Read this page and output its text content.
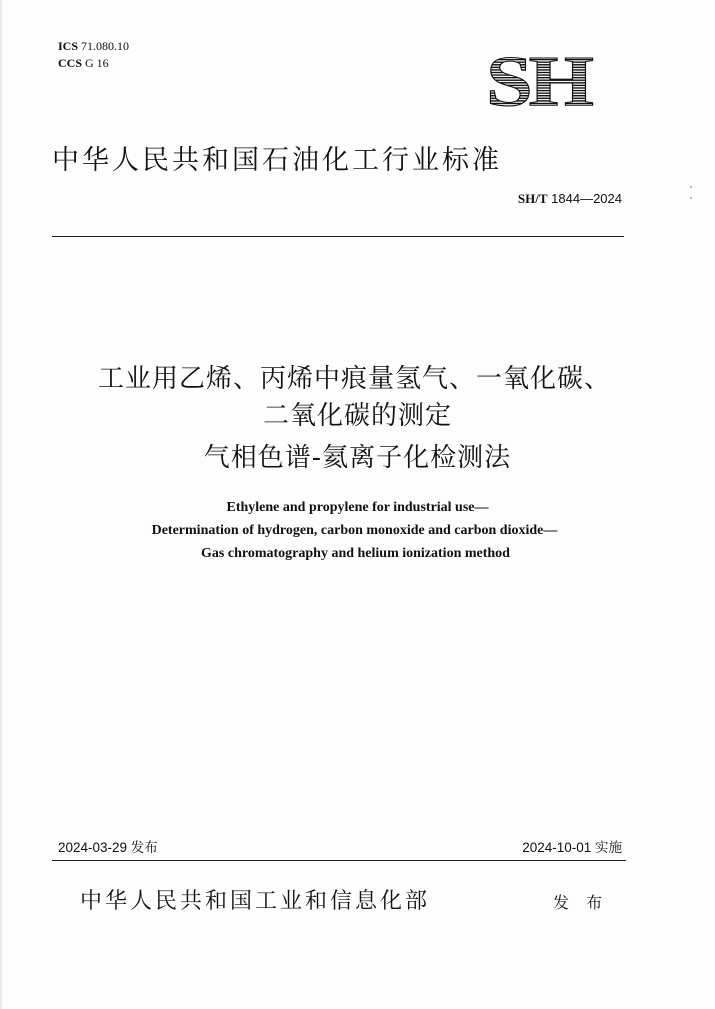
ICS 71.080.10
CCS G 16	SH
中华人民共和国石油化工行业标准
SH/T 1844—2024
工业用乙烯、丙烯中痕量氢气、一氧化碳、
二氧化碳的测定
气相色谱-氦离子化检测法
Ethylene and propylene for industrial use—
Determination of hydrogen, carbon monoxide and carbon dioxide—
Gas chromatography and helium ionization method
2024-03-29 发布	2024-10-01 实施
中华人民共和国工业和信息化部	发 布
